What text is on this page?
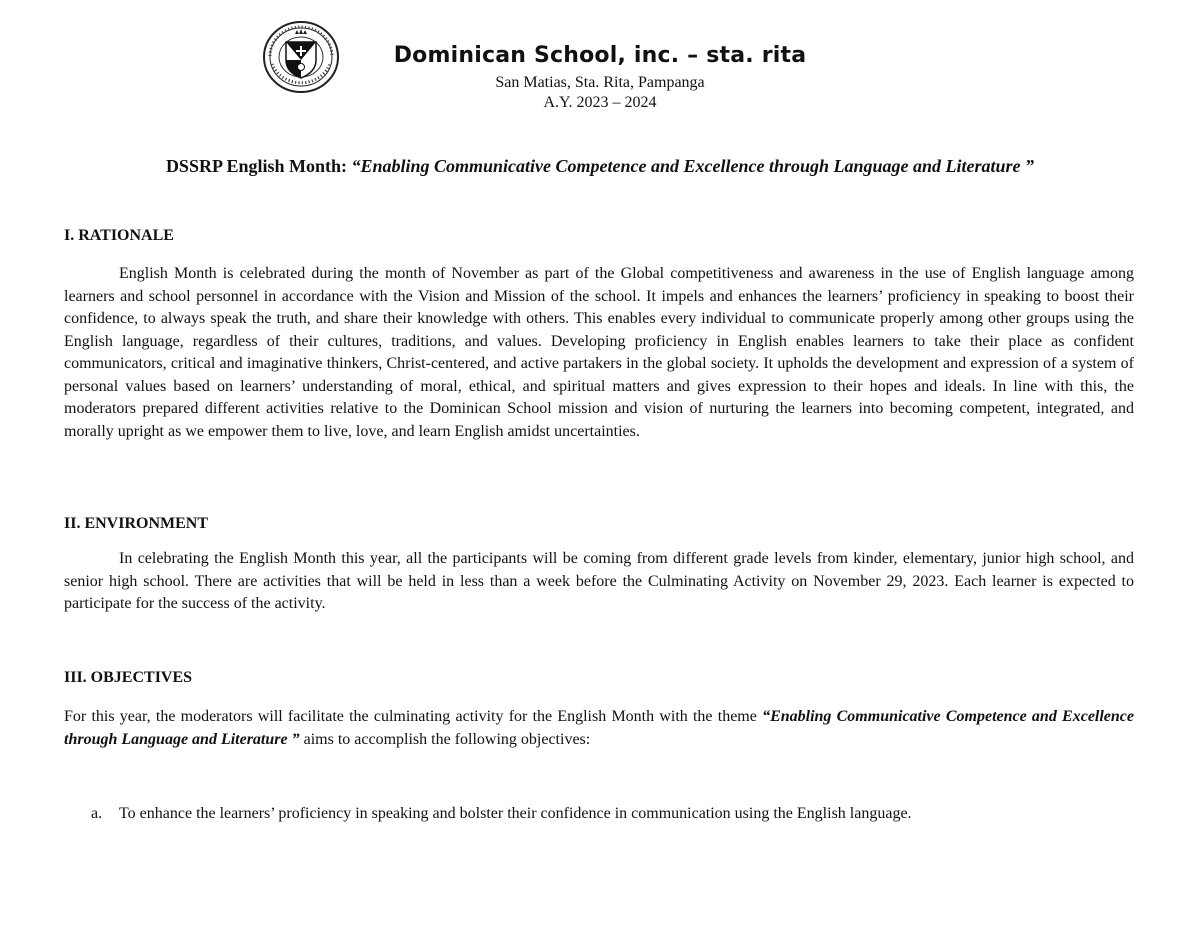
Dominican School, inc. – sta. rita
San Matias, Sta. Rita, Pampanga
A.Y. 2023 – 2024
DSSRP English Month: “Enabling Communicative Competence and Excellence through Language and Literature ”
I. RATIONALE
English Month is celebrated during the month of November as part of the Global competitiveness and awareness in the use of English language among learners and school personnel in accordance with the Vision and Mission of the school. It impels and enhances the learners’ proficiency in speaking to boost their confidence, to always speak the truth, and share their knowledge with others. This enables every individual to communicate properly among other groups using the English language, regardless of their cultures, traditions, and values. Developing proficiency in English enables learners to take their place as confident communicators, critical and imaginative thinkers, Christ-centered, and active partakers in the global society. It upholds the development and expression of a system of personal values based on learners’ understanding of moral, ethical, and spiritual matters and gives expression to their hopes and ideals. In line with this, the moderators prepared different activities relative to the Dominican School mission and vision of nurturing the learners into becoming competent, integrated, and morally upright as we empower them to live, love, and learn English amidst uncertainties.
II. ENVIRONMENT
In celebrating the English Month this year, all the participants will be coming from different grade levels from kinder, elementary, junior high school, and senior high school. There are activities that will be held in less than a week before the Culminating Activity on November 29, 2023. Each learner is expected to participate for the success of the activity.
III. OBJECTIVES
For this year, the moderators will facilitate the culminating activity for the English Month with the theme “Enabling Communicative Competence and Excellence through Language and Literature ” aims to accomplish the following objectives:
a. To enhance the learners’ proficiency in speaking and bolster their confidence in communication using the English language.
